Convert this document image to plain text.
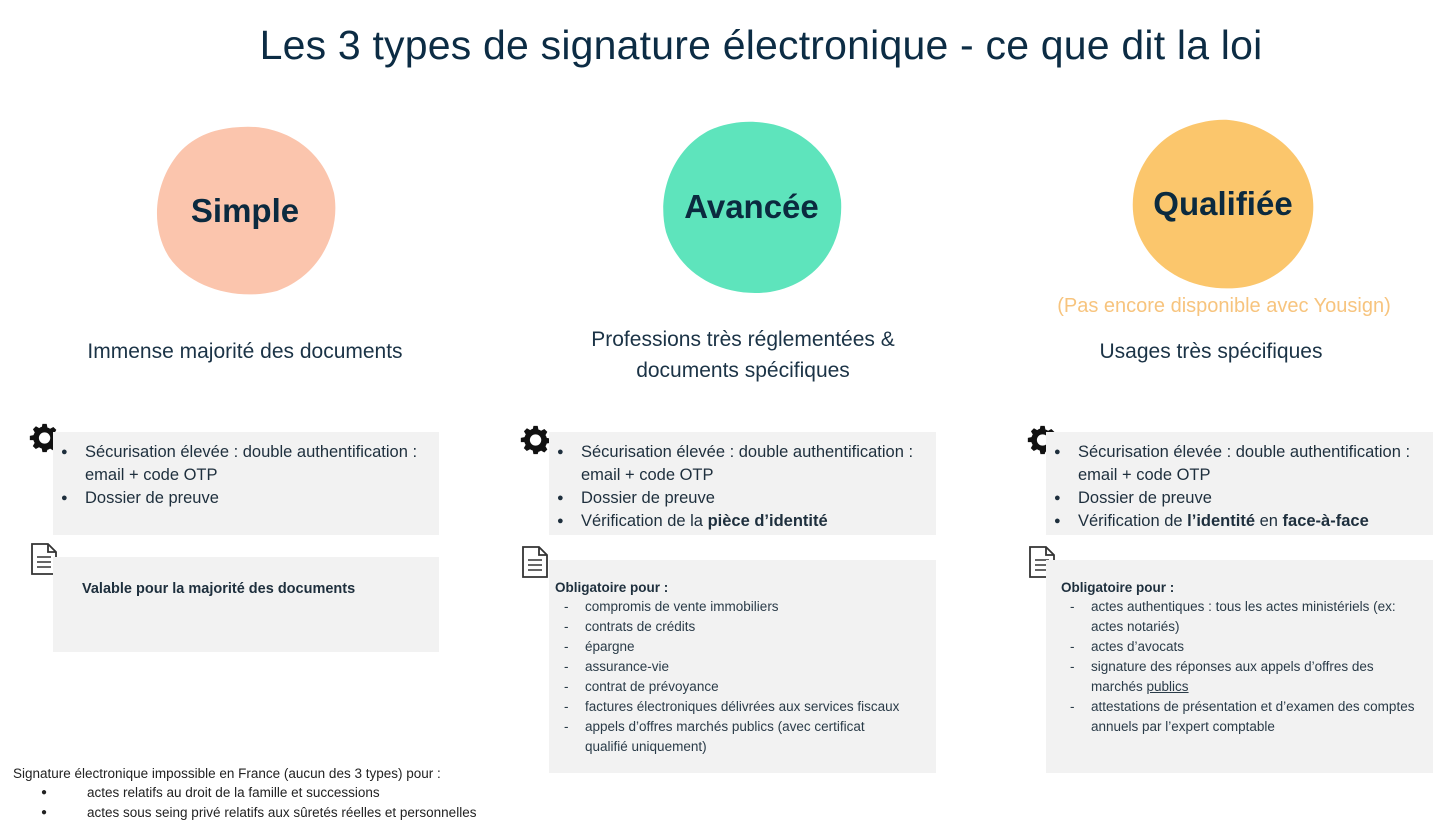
Les 3 types de signature électronique - ce que dit la loi
Simple
Immense majorité des documents
● Sécurisation élevée : double authentification : email + code OTP
● Dossier de preuve
Valable pour la majorité des documents
Avancée
Professions très réglementées &
documents spécifiques
● Sécurisation élevée : double authentification : email + code OTP
● Dossier de preuve
● Vérification de la pièce d’identité
Obligatoire pour :
- compromis de vente immobiliers
- contrats de crédits
- épargne
- assurance-vie
- contrat de prévoyance
- factures électroniques délivrées aux services fiscaux
- appels d’offres marchés publics (avec certificat qualifié uniquement)
Qualifiée
(Pas encore disponible avec Yousign)
Usages très spécifiques
● Sécurisation élevée : double authentification : email + code OTP
● Dossier de preuve
● Vérification de l’identité en face-à-face
Obligatoire pour :
- actes authentiques : tous les actes ministériels (ex: actes notariés)
- actes d’avocats
- signature des réponses aux appels d’offres des marchés publics
- attestations de présentation et d’examen des comptes annuels par l’expert comptable
Signature électronique impossible en France (aucun des 3 types) pour :
● actes relatifs au droit de la famille et successions
● actes sous seing privé relatifs aux sûretés réelles et personnelles
